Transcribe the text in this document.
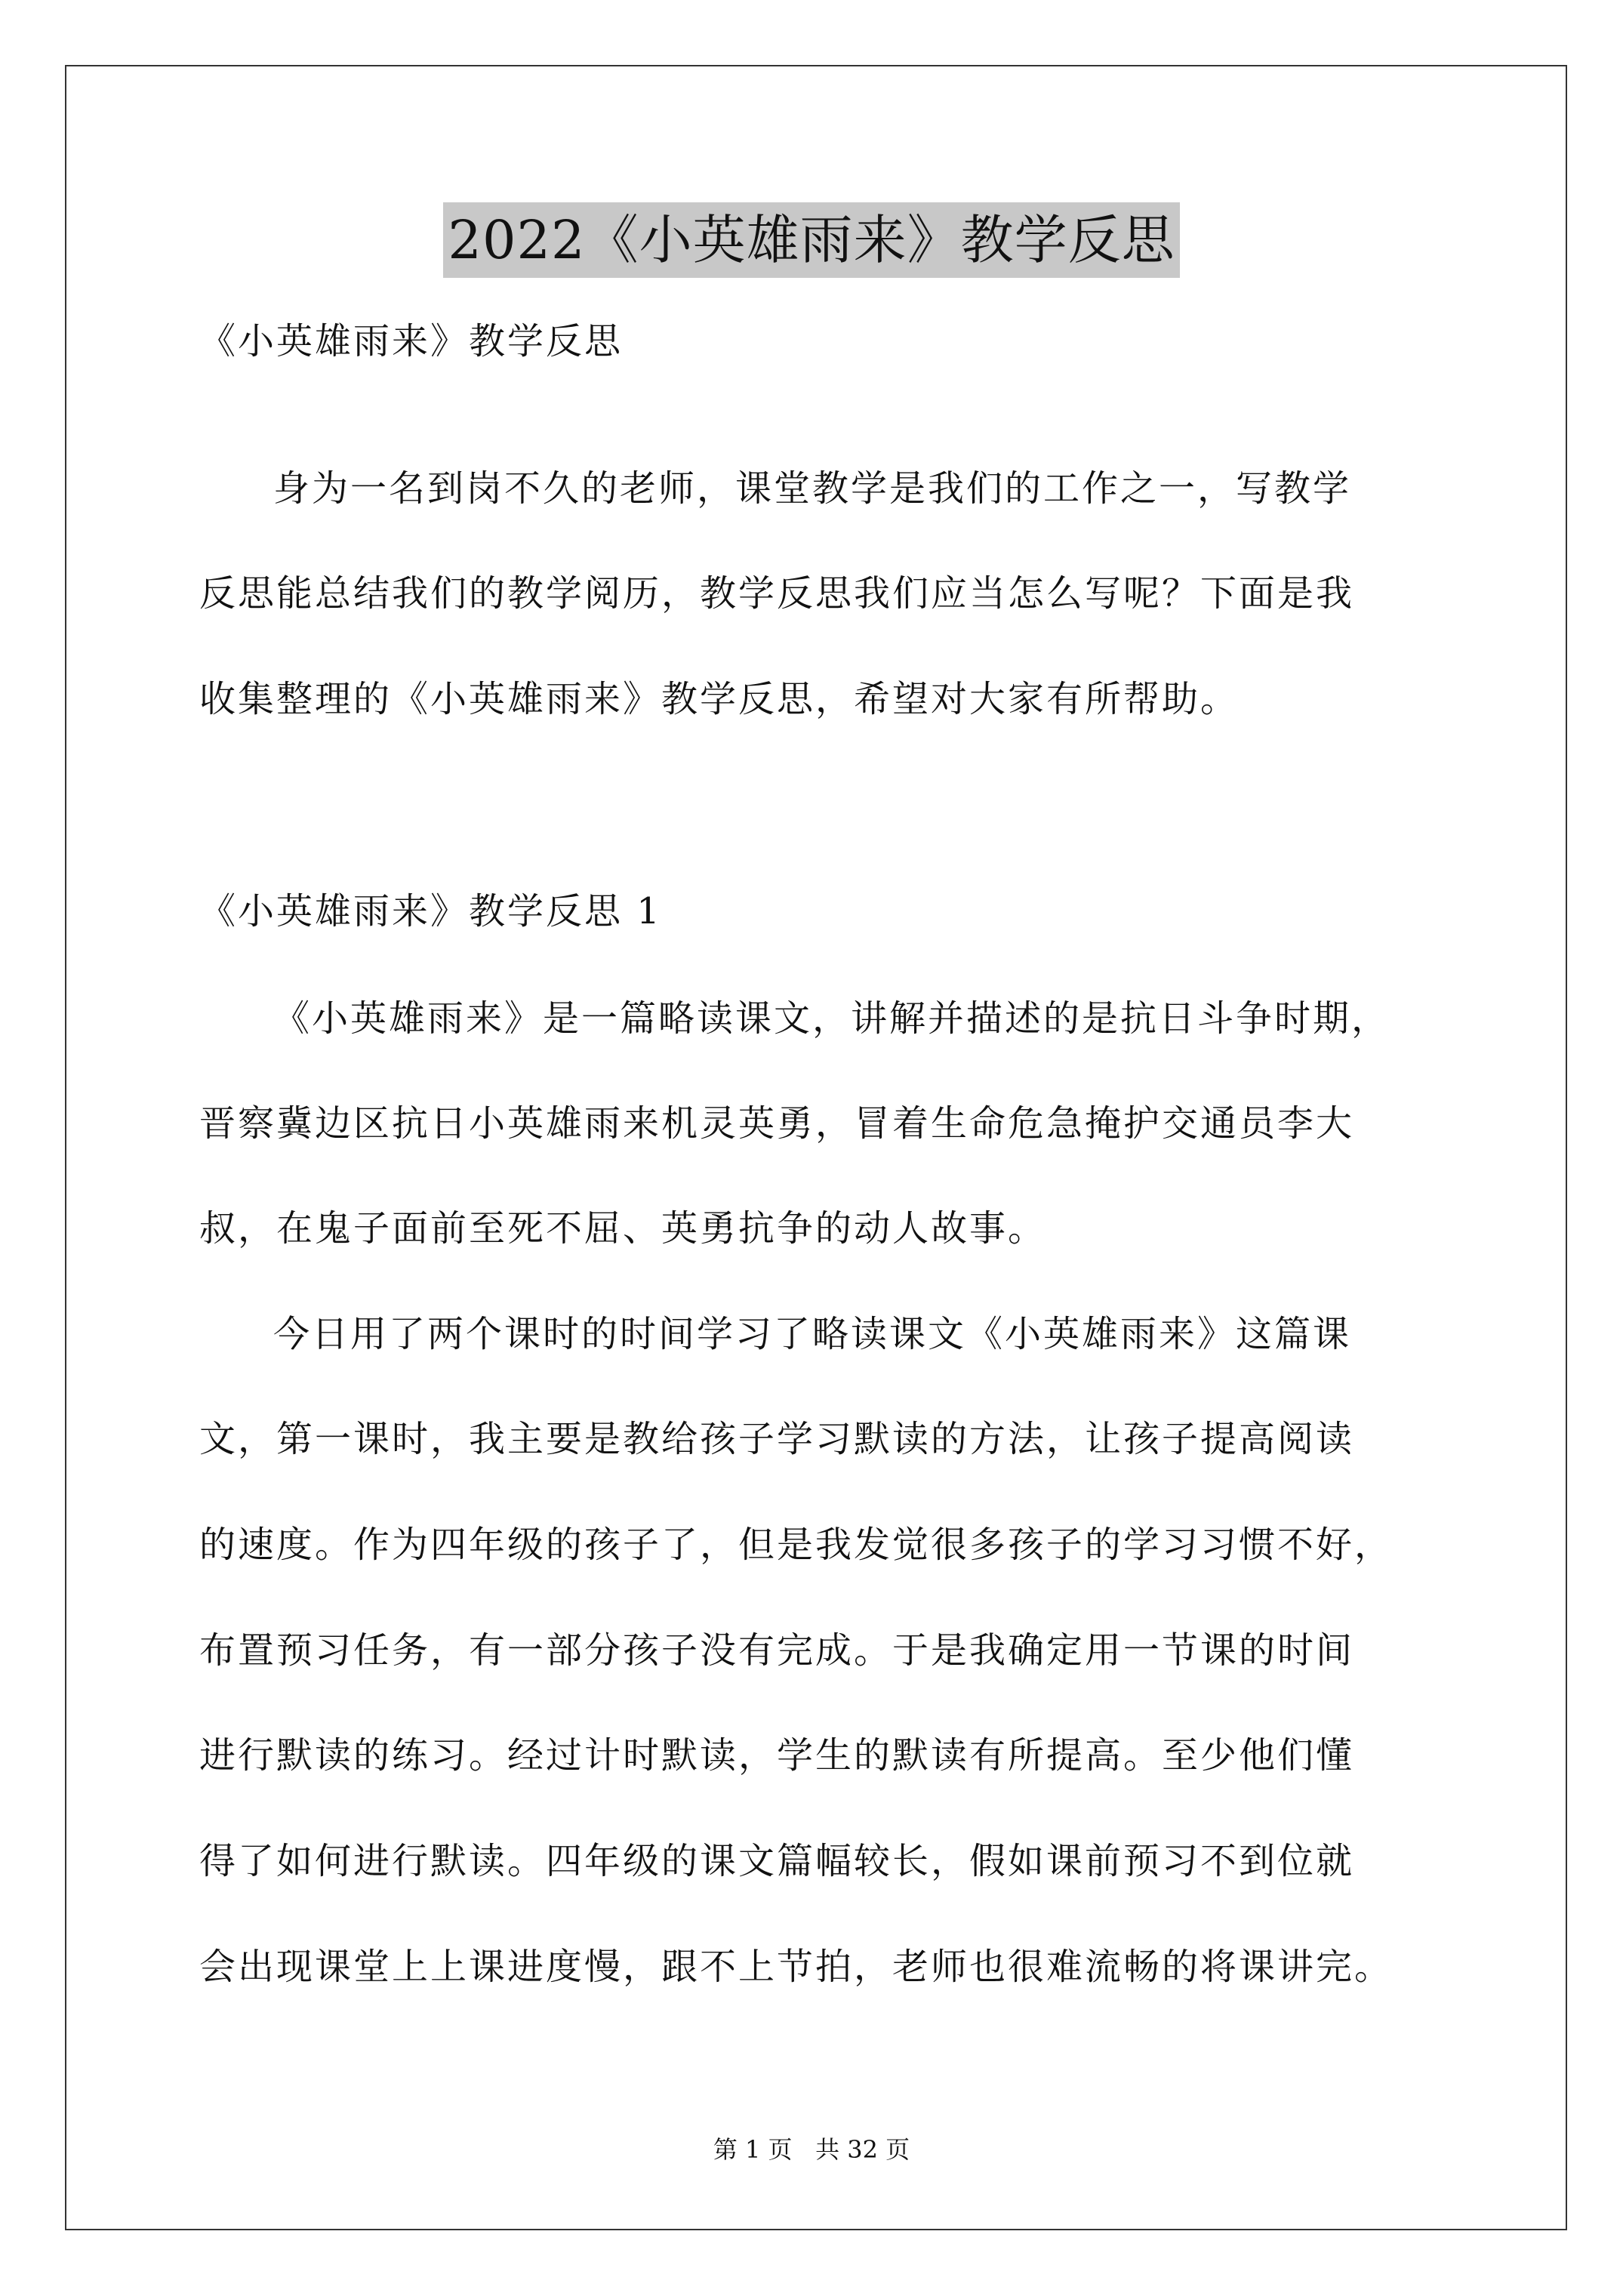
2022《小英雄雨来》教学反思
《小英雄雨来》教学反思
身为一名到岗不久的老师，课堂教学是我们的工作之一，写教学
反思能总结我们的教学阅历，教学反思我们应当怎么写呢？下面是我
收集整理的《小英雄雨来》教学反思，希望对大家有所帮助。
《小英雄雨来》教学反思 1
《小英雄雨来》是一篇略读课文，讲解并描述的是抗日斗争时期，
晋察冀边区抗日小英雄雨来机灵英勇，冒着生命危急掩护交通员李大
叔，在鬼子面前至死不屈、英勇抗争的动人故事。
今日用了两个课时的时间学习了略读课文《小英雄雨来》这篇课
文，第一课时，我主要是教给孩子学习默读的方法，让孩子提高阅读
的速度。作为四年级的孩子了，但是我发觉很多孩子的学习习惯不好，
布置预习任务，有一部分孩子没有完成。于是我确定用一节课的时间
进行默读的练习。经过计时默读，学生的默读有所提高。至少他们懂
得了如何进行默读。四年级的课文篇幅较长，假如课前预习不到位就
会出现课堂上上课进度慢，跟不上节拍，老师也很难流畅的将课讲完。
第 1 页   共 32 页
